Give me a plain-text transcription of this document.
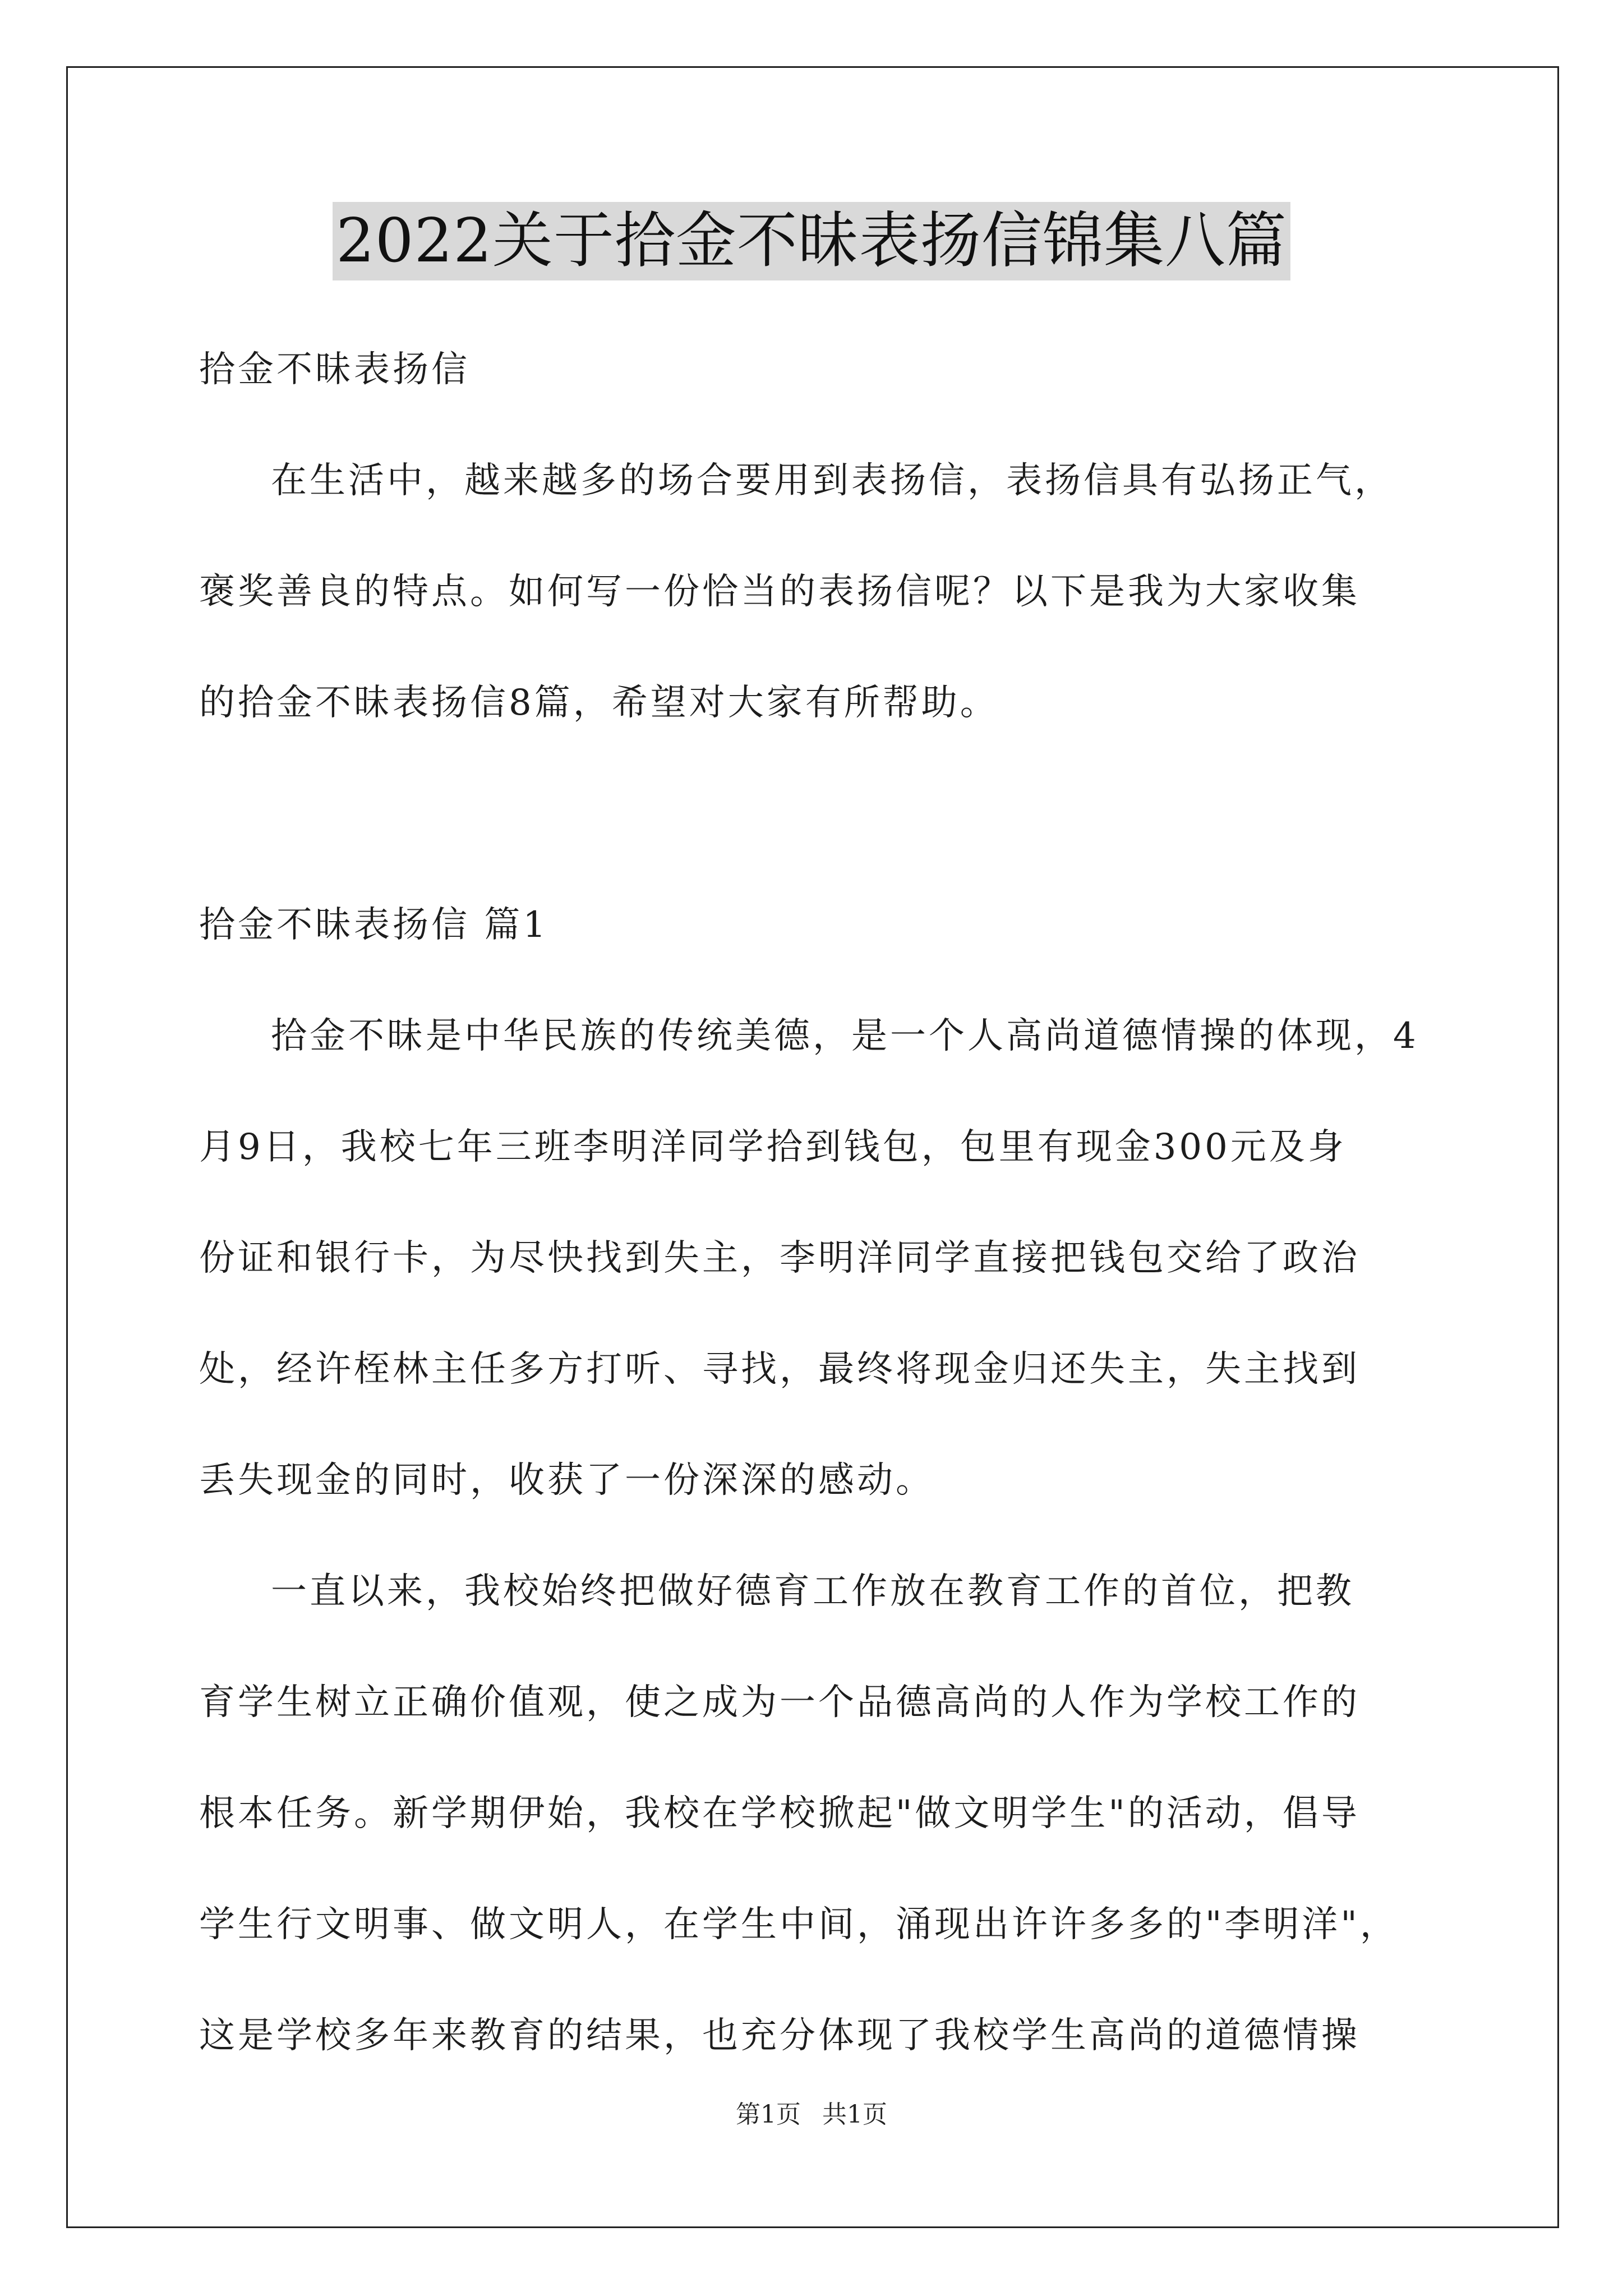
2022关于拾金不昧表扬信锦集八篇
拾金不昧表扬信
在生活中，越来越多的场合要用到表扬信，表扬信具有弘扬正气，
褒奖善良的特点。如何写一份恰当的表扬信呢？以下是我为大家收集
的拾金不昧表扬信8篇，希望对大家有所帮助。
拾金不昧表扬信 篇1
拾金不昧是中华民族的传统美德，是一个人高尚道德情操的体现，4
月9日，我校七年三班李明洋同学拾到钱包，包里有现金300元及身
份证和银行卡，为尽快找到失主，李明洋同学直接把钱包交给了政治
处，经许桎林主任多方打听、寻找，最终将现金归还失主，失主找到
丢失现金的同时，收获了一份深深的感动。
一直以来，我校始终把做好德育工作放在教育工作的首位，把教
育学生树立正确价值观，使之成为一个品德高尚的人作为学校工作的
根本任务。新学期伊始，我校在学校掀起"做文明学生"的活动，倡导
学生行文明事、做文明人，在学生中间，涌现出许许多多的"李明洋"，
这是学校多年来教育的结果，也充分体现了我校学生高尚的道德情操
第1页 共1页
